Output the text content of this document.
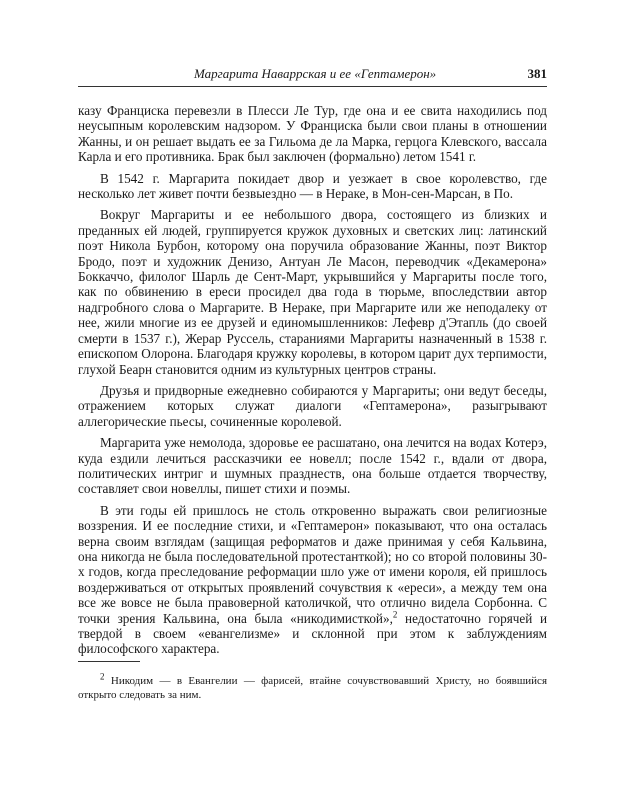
Маргарита Наваррская и ее «Гептамерон»	381

казу Франциска перевезли в Плесси Ле Тур, где она и ее свита находились под неусыпным королевским надзором. У Франциска были свои планы в отношении Жанны, и он решает выдать ее за Гильома де ла Марка, герцога Клевского, вассала Карла и его противника. Брак был заключен (формально) летом 1541 г.

В 1542 г. Маргарита покидает двор и уезжает в свое королевство, где несколько лет живет почти безвыездно — в Нераке, в Мон-сен-Марсан, в По.

Вокруг Маргариты и ее небольшого двора, состоящего из близких и преданных ей людей, группируется кружок духовных и светских лиц: латинский поэт Никола Бурбон, которому она поручила образование Жанны, поэт Виктор Бродо, поэт и художник Денизо, Антуан Ле Масон, переводчик «Декамерона» Боккаччо, филолог Шарль де Сент-Март, укрывшийся у Маргариты после того, как по обвинению в ереси просидел два года в тюрьме, впоследствии автор надгробного слова о Маргарите. В Нераке, при Маргарите или же неподалеку от нее, жили многие из ее друзей и единомышленников: Лефевр д'Этапль (до своей смерти в 1537 г.), Жерар Руссель, стараниями Маргариты назначенный в 1538 г. епископом Олорона. Благодаря кружку королевы, в котором царит дух терпимости, глухой Беарн становится одним из культурных центров страны.

Друзья и придворные ежедневно собираются у Маргариты; они ведут беседы, отражением которых служат диалоги «Гептамерона», разыгрывают аллегорические пьесы, сочиненные королевой.

Маргарита уже немолода, здоровье ее расшатано, она лечится на водах Котерэ, куда ездили лечиться рассказчики ее новелл; после 1542 г., вдали от двора, политических интриг и шумных празднеств, она больше отдается творчеству, составляет свои новеллы, пишет стихи и поэмы.

В эти годы ей пришлось не столь откровенно выражать свои религиозные воззрения. И ее последние стихи, и «Гептамерон» показывают, что она осталась верна своим взглядам (защищая реформатов и даже принимая у себя Кальвина, она никогда не была последовательной протестанткой); но со второй половины 30-х годов, когда преследование реформации шло уже от имени короля, ей пришлось воздерживаться от открытых проявлений сочувствия к «ереси», а между тем она все же вовсе не была правоверной католичкой, что отлично видела Сорбонна. С точки зрения Кальвина, она была «никодимисткой»,$^2$ недостаточно горячей и твердой в своем «евангелизме» и склонной при этом к заблуждениям философского характера.

$^2$ Никодим — в Евангелии — фарисей, втайне сочувствовавший Христу, но боявшийся открыто следовать за ним.
